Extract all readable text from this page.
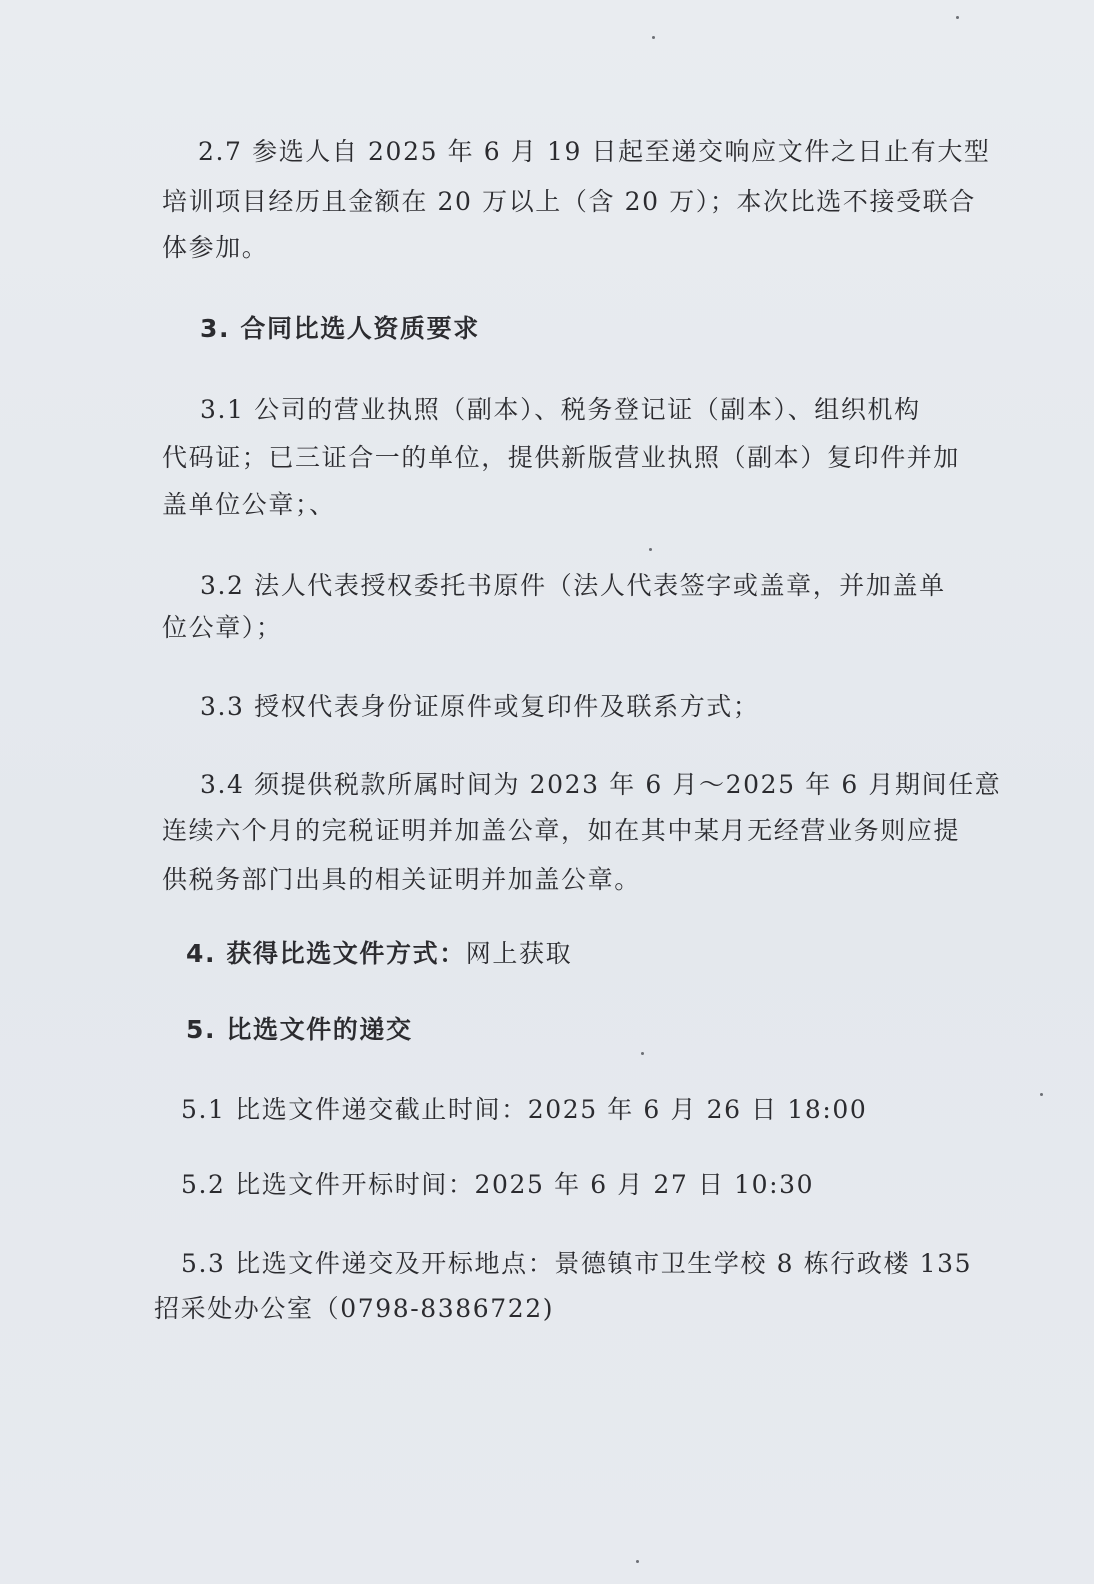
2.7 参选人自 2025 年 6 月 19 日起至递交响应文件之日止有大型
培训项目经历且金额在 20 万以上（含 20 万）；本次比选不接受联合
体参加。
3. 合同比选人资质要求
3.1 公司的营业执照（副本）、税务登记证（副本）、组织机构
代码证；已三证合一的单位，提供新版营业执照（副本）复印件并加
盖单位公章；、
3.2 法人代表授权委托书原件（法人代表签字或盖章，并加盖单
位公章）；
3.3 授权代表身份证原件或复印件及联系方式；
3.4 须提供税款所属时间为 2023 年 6 月～2025 年 6 月期间任意
连续六个月的完税证明并加盖公章，如在其中某月无经营业务则应提
供税务部门出具的相关证明并加盖公章。
4. 获得比选文件方式：网上获取
5. 比选文件的递交
5.1 比选文件递交截止时间：2025 年 6 月 26 日 18:00
5.2 比选文件开标时间：2025 年 6 月 27 日 10:30
5.3 比选文件递交及开标地点：景德镇市卫生学校 8 栋行政楼 135
招采处办公室（0798-8386722)
